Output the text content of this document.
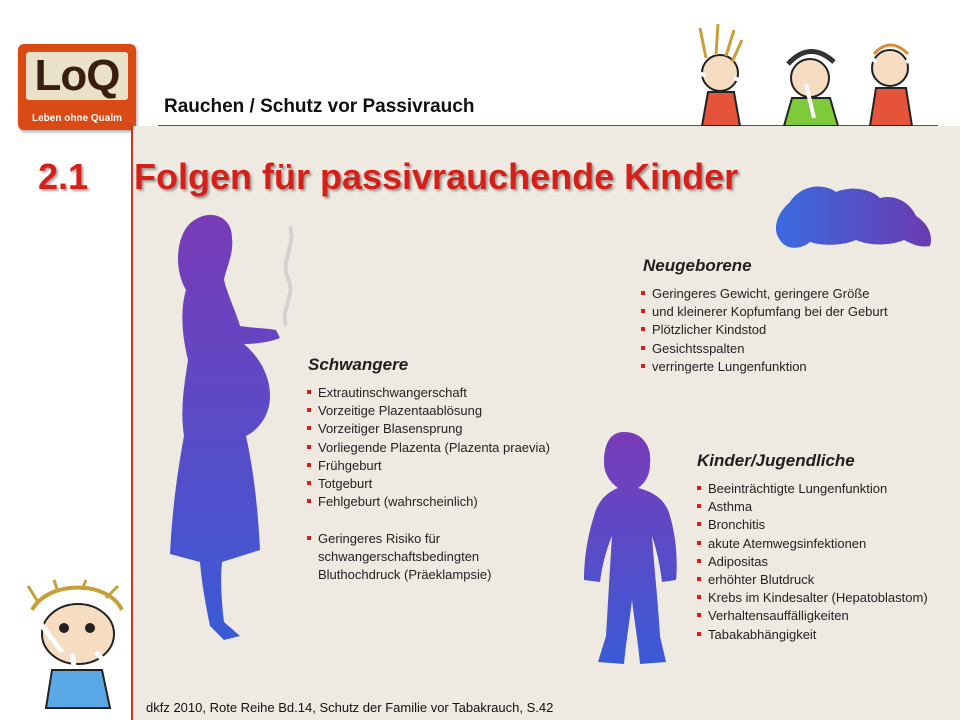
LoQ
Leben ohne Qualm
Rauchen / Schutz vor Passivrauch
2.1 Folgen für passivrauchende Kinder
Neugeborene
Geringeres Gewicht, geringere Größe
und kleinerer Kopfumfang bei der Geburt
Plötzlicher Kindstod
Gesichtsspalten
verringerte Lungenfunktion
Schwangere
Extrautinschwangerschaft
Vorzeitige Plazentaablösung
Vorzeitiger Blasensprung
Vorliegende Plazenta (Plazenta praevia)
Frühgeburt
Totgeburt
Fehlgeburt (wahrscheinlich)
Geringeres Risiko für
schwangerschaftsbedingten
Bluthochdruck (Präeklampsie)
Kinder/Jugendliche
Beeinträchtigte Lungenfunktion
Asthma
Bronchitis
akute Atemwegsinfektionen
Adipositas
erhöhter Blutdruck
Krebs im Kindesalter (Hepatoblastom)
Verhaltensauffälligkeiten
Tabakabhängigkeit
dkfz 2010, Rote Reihe Bd.14, Schutz der Familie vor Tabakrauch, S.42
